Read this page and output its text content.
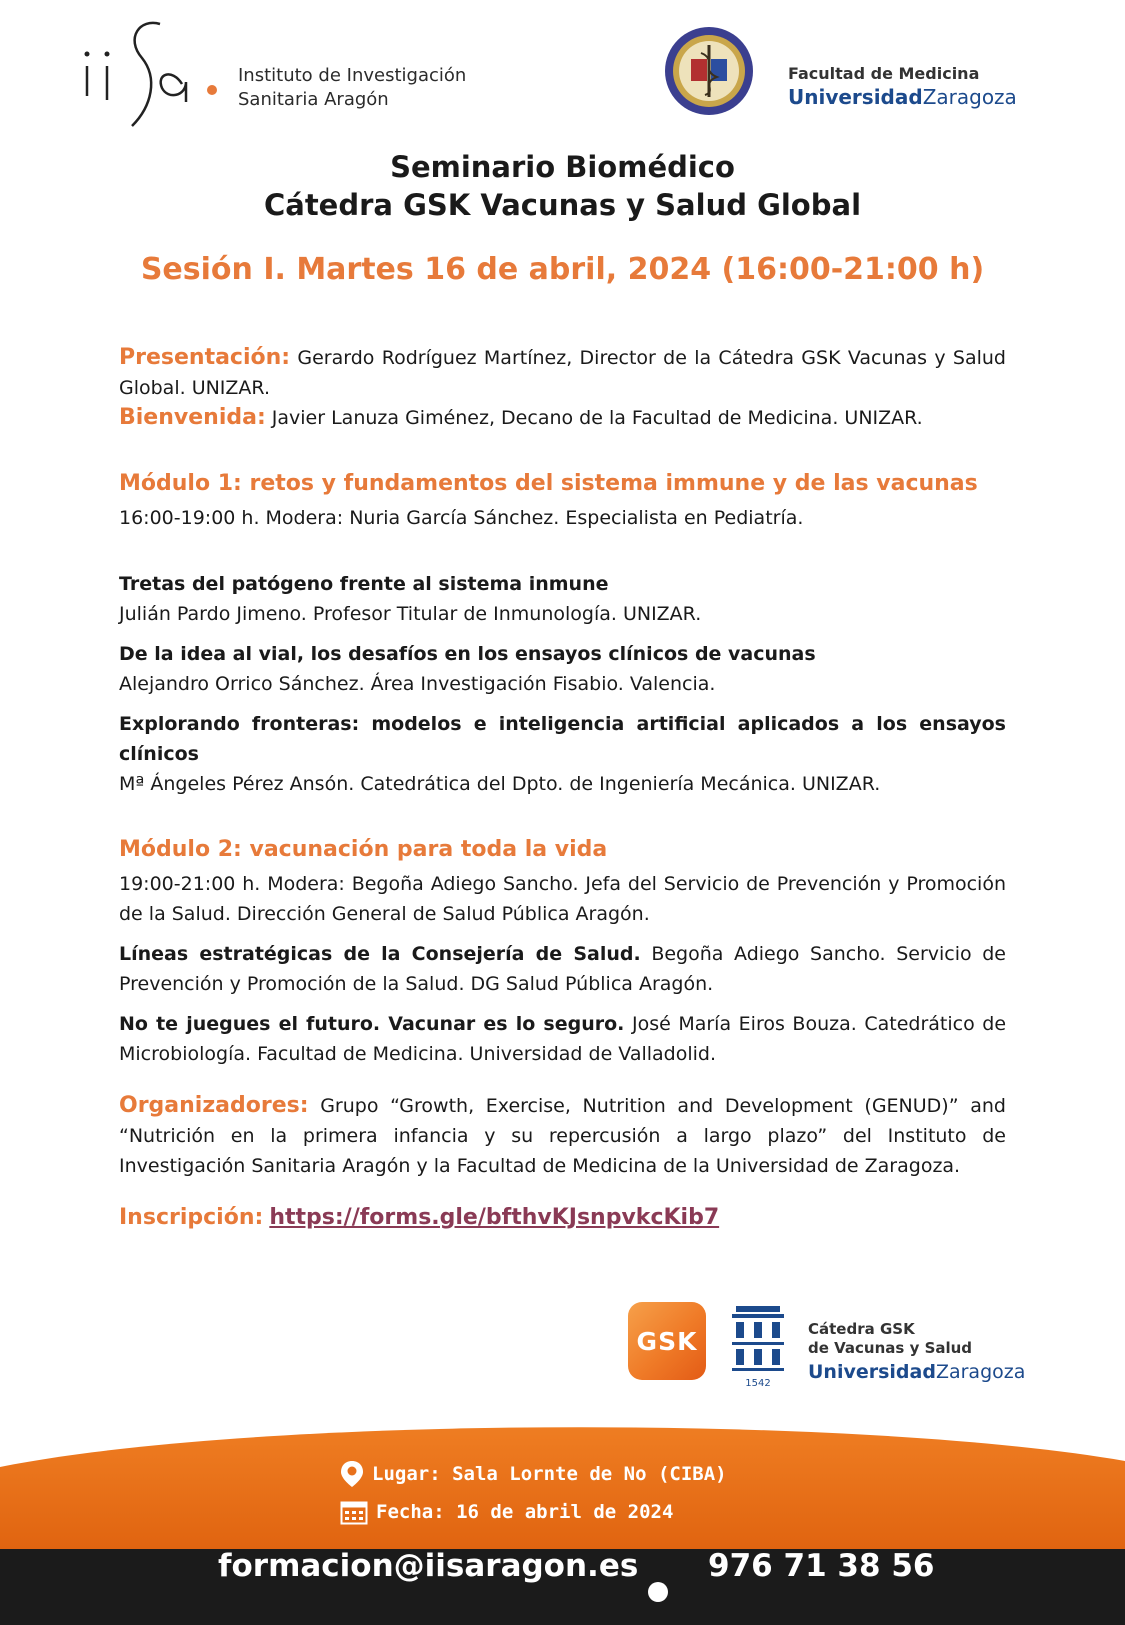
Instituto de Investigación
Sanitaria Aragón
Facultad de Medicina
UniversidadZaragoza
Seminario Biomédico
Cátedra GSK Vacunas y Salud Global
Sesión I. Martes 16 de abril, 2024 (16:00-21:00 h)

Presentación: Gerardo Rodríguez Martínez, Director de la Cátedra GSK Vacunas y Salud Global. UNIZAR.

Bienvenida: Javier Lanuza Giménez, Decano de la Facultad de Medicina. UNIZAR.

Módulo 1: retos y fundamentos del sistema immune y de las vacunas

16:00-19:00 h. Modera: Nuria García Sánchez. Especialista en Pediatría.

Tretas del patógeno frente al sistema inmune
Julián Pardo Jimeno. Profesor Titular de Inmunología. UNIZAR.
De la idea al vial, los desafíos en los ensayos clínicos de vacunas
Alejandro Orrico Sánchez. Área Investigación Fisabio. Valencia.
Explorando fronteras: modelos e inteligencia artificial aplicados a los ensayos clínicos
Mª Ángeles Pérez Ansón. Catedrática del Dpto. de Ingeniería Mecánica. UNIZAR.
Módulo 2: vacunación para toda la vida

19:00-21:00 h. Modera: Begoña Adiego Sancho. Jefa del Servicio de Prevención y Promoción de la Salud. Dirección General de Salud Pública Aragón.

Líneas estratégicas de la Consejería de Salud. Begoña Adiego Sancho. Servicio de Prevención y Promoción de la Salud. DG Salud Pública Aragón.

No te juegues el futuro. Vacunar es lo seguro. José María Eiros Bouza. Catedrático de Microbiología. Facultad de Medicina. Universidad de Valladolid.

Organizadores: Grupo “Growth, Exercise, Nutrition and Development (GENUD)” and “Nutrición en la primera infancia y su repercusión a largo plazo” del Instituto de Investigación Sanitaria Aragón y la Facultad de Medicina de la Universidad de Zaragoza.

Inscripción: https://forms.gle/bfthvKJsnpvkcKib7

GSK
1542
Cátedra GSK
de Vacunas y Salud
UniversidadZaragoza
Lugar: Sala Lornte de No (CIBA)
Fecha: 16 de abril de 2024
formacion@iisaragon.es 976 71 38 56
